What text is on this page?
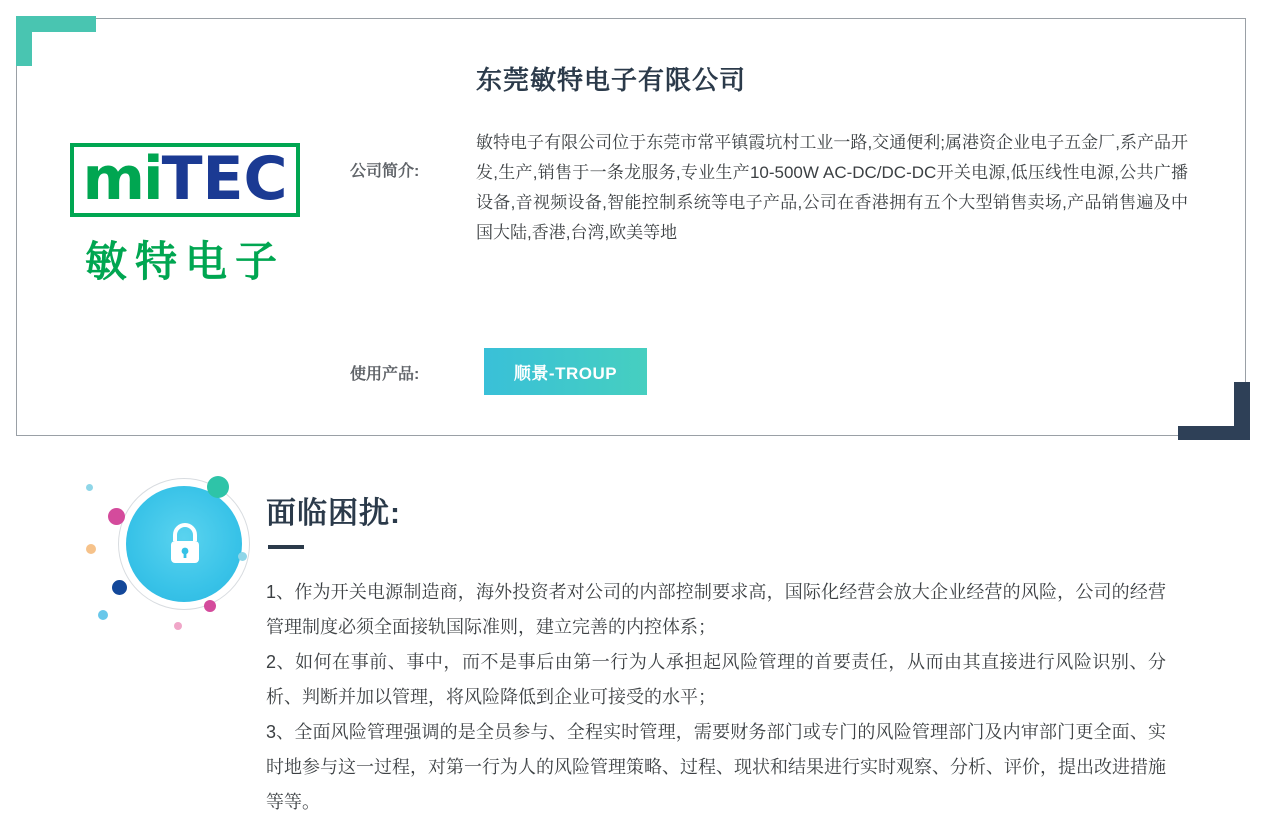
miTEC
敏特电子
东莞敏特电子有限公司
公司简介:
敏特电子有限公司位于东莞市常平镇霞坑村工业一路,交通便利;属港资企业电子五金厂,系产品开发,生产,销售于一条龙服务,专业生产10-500W AC-DC/DC-DC开关电源,低压线性电源,公共广播设备,音视频设备,智能控制系统等电子产品,公司在香港拥有五个大型销售卖场,产品销售遍及中国大陆,香港,台湾,欧美等地
使用产品:	顺景-TROUP
面临困扰:

1、作为开关电源制造商，海外投资者对公司的内部控制要求高，国际化经营会放大企业经营的风险，公司的经营管理制度必须全面接轨国际准则，建立完善的内控体系；

2、如何在事前、事中，而不是事后由第一行为人承担起风险管理的首要责任，从而由其直接进行风险识别、分析、判断并加以管理，将风险降低到企业可接受的水平；

3、全面风险管理强调的是全员参与、全程实时管理，需要财务部门或专门的风险管理部门及内审部门更全面、实时地参与这一过程，对第一行为人的风险管理策略、过程、现状和结果进行实时观察、分析、评价，提出改进措施等等。
